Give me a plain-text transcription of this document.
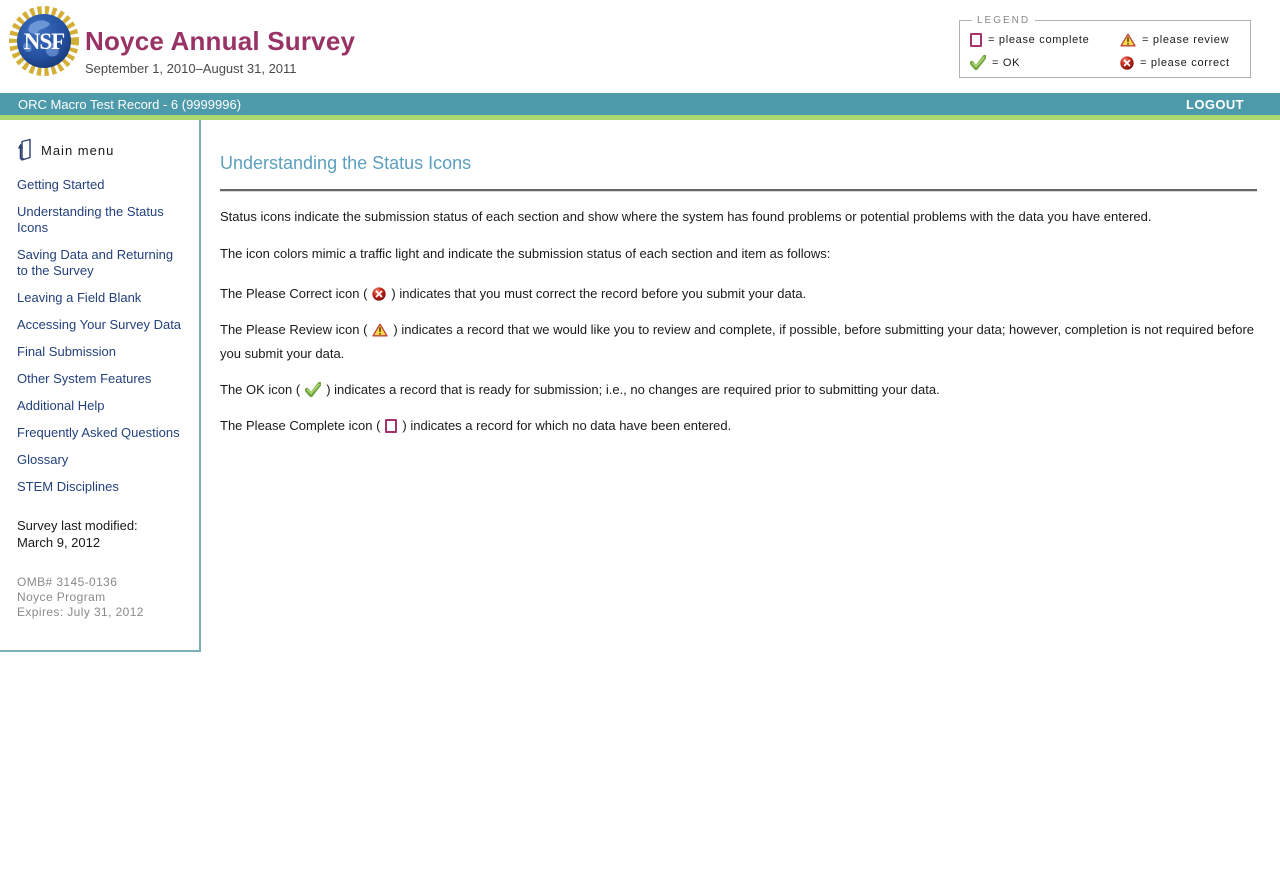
NSF Noyce Annual Survey
September 1, 2010–August 31, 2011
LEGEND
= please complete	= please review
= OK	= please correct
ORC Macro Test Record - 6 (9999996)	LOGOUT
Main menu
Getting Started
Understanding the Status Icons
Saving Data and Returning to the Survey
Leaving a Field Blank
Accessing Your Survey Data
Final Submission
Other System Features
Additional Help
Frequently Asked Questions
Glossary
STEM Disciplines
Survey last modified:
March 9, 2012
OMB# 3145-0136
Noyce Program
Expires: July 31, 2012
Understanding the Status Icons

Status icons indicate the submission status of each section and show where the system has found problems or potential problems with the data you have entered.

The icon colors mimic a traffic light and indicate the submission status of each section and item as follows:

The Please Correct icon ( ) indicates that you must correct the record before you submit your data.

The Please Review icon ( ) indicates a record that we would like you to review and complete, if possible, before submitting your data; however, completion is not required before you submit your data.

The OK icon ( ) indicates a record that is ready for submission; i.e., no changes are required prior to submitting your data.

The Please Complete icon ( ) indicates a record for which no data have been entered.
